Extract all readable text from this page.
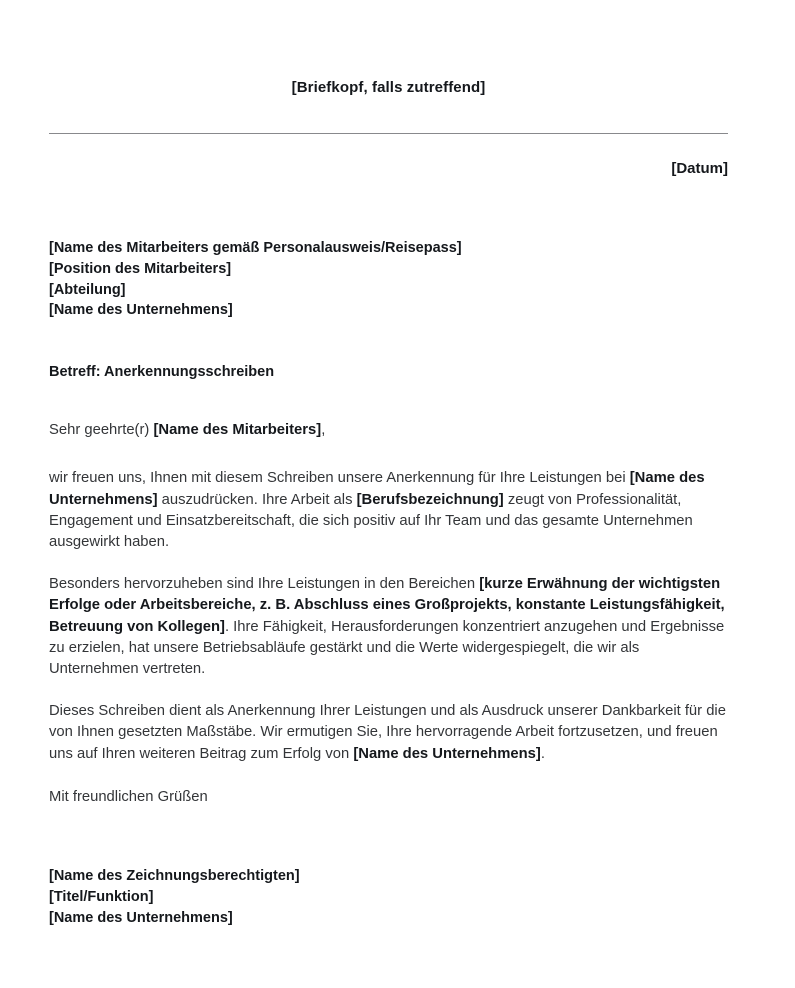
[Briefkopf, falls zutreffend]
[Datum]
[Name des Mitarbeiters gemäß Personalausweis/Reisepass]
[Position des Mitarbeiters]
[Abteilung]
[Name des Unternehmens]
Betreff: Anerkennungsschreiben
Sehr geehrte(r) [Name des Mitarbeiters],

wir freuen uns, Ihnen mit diesem Schreiben unsere Anerkennung für Ihre Leistungen bei [Name des Unternehmens] auszudrücken. Ihre Arbeit als [Berufsbezeichnung] zeugt von Professionalität, Engagement und Einsatzbereitschaft, die sich positiv auf Ihr Team und das gesamte Unternehmen ausgewirkt haben.

Besonders hervorzuheben sind Ihre Leistungen in den Bereichen [kurze Erwähnung der wichtigsten Erfolge oder Arbeitsbereiche, z. B. Abschluss eines Großprojekts, konstante Leistungsfähigkeit, Betreuung von Kollegen]. Ihre Fähigkeit, Herausforderungen konzentriert anzugehen und Ergebnisse zu erzielen, hat unsere Betriebsabläufe gestärkt und die Werte widergespiegelt, die wir als Unternehmen vertreten.

Dieses Schreiben dient als Anerkennung Ihrer Leistungen und als Ausdruck unserer Dankbarkeit für die von Ihnen gesetzten Maßstäbe. Wir ermutigen Sie, Ihre hervorragende Arbeit fortzusetzen, und freuen uns auf Ihren weiteren Beitrag zum Erfolg von [Name des Unternehmens].

Mit freundlichen Grüßen
[Name des Zeichnungsberechtigten]
[Titel/Funktion]
[Name des Unternehmens]
